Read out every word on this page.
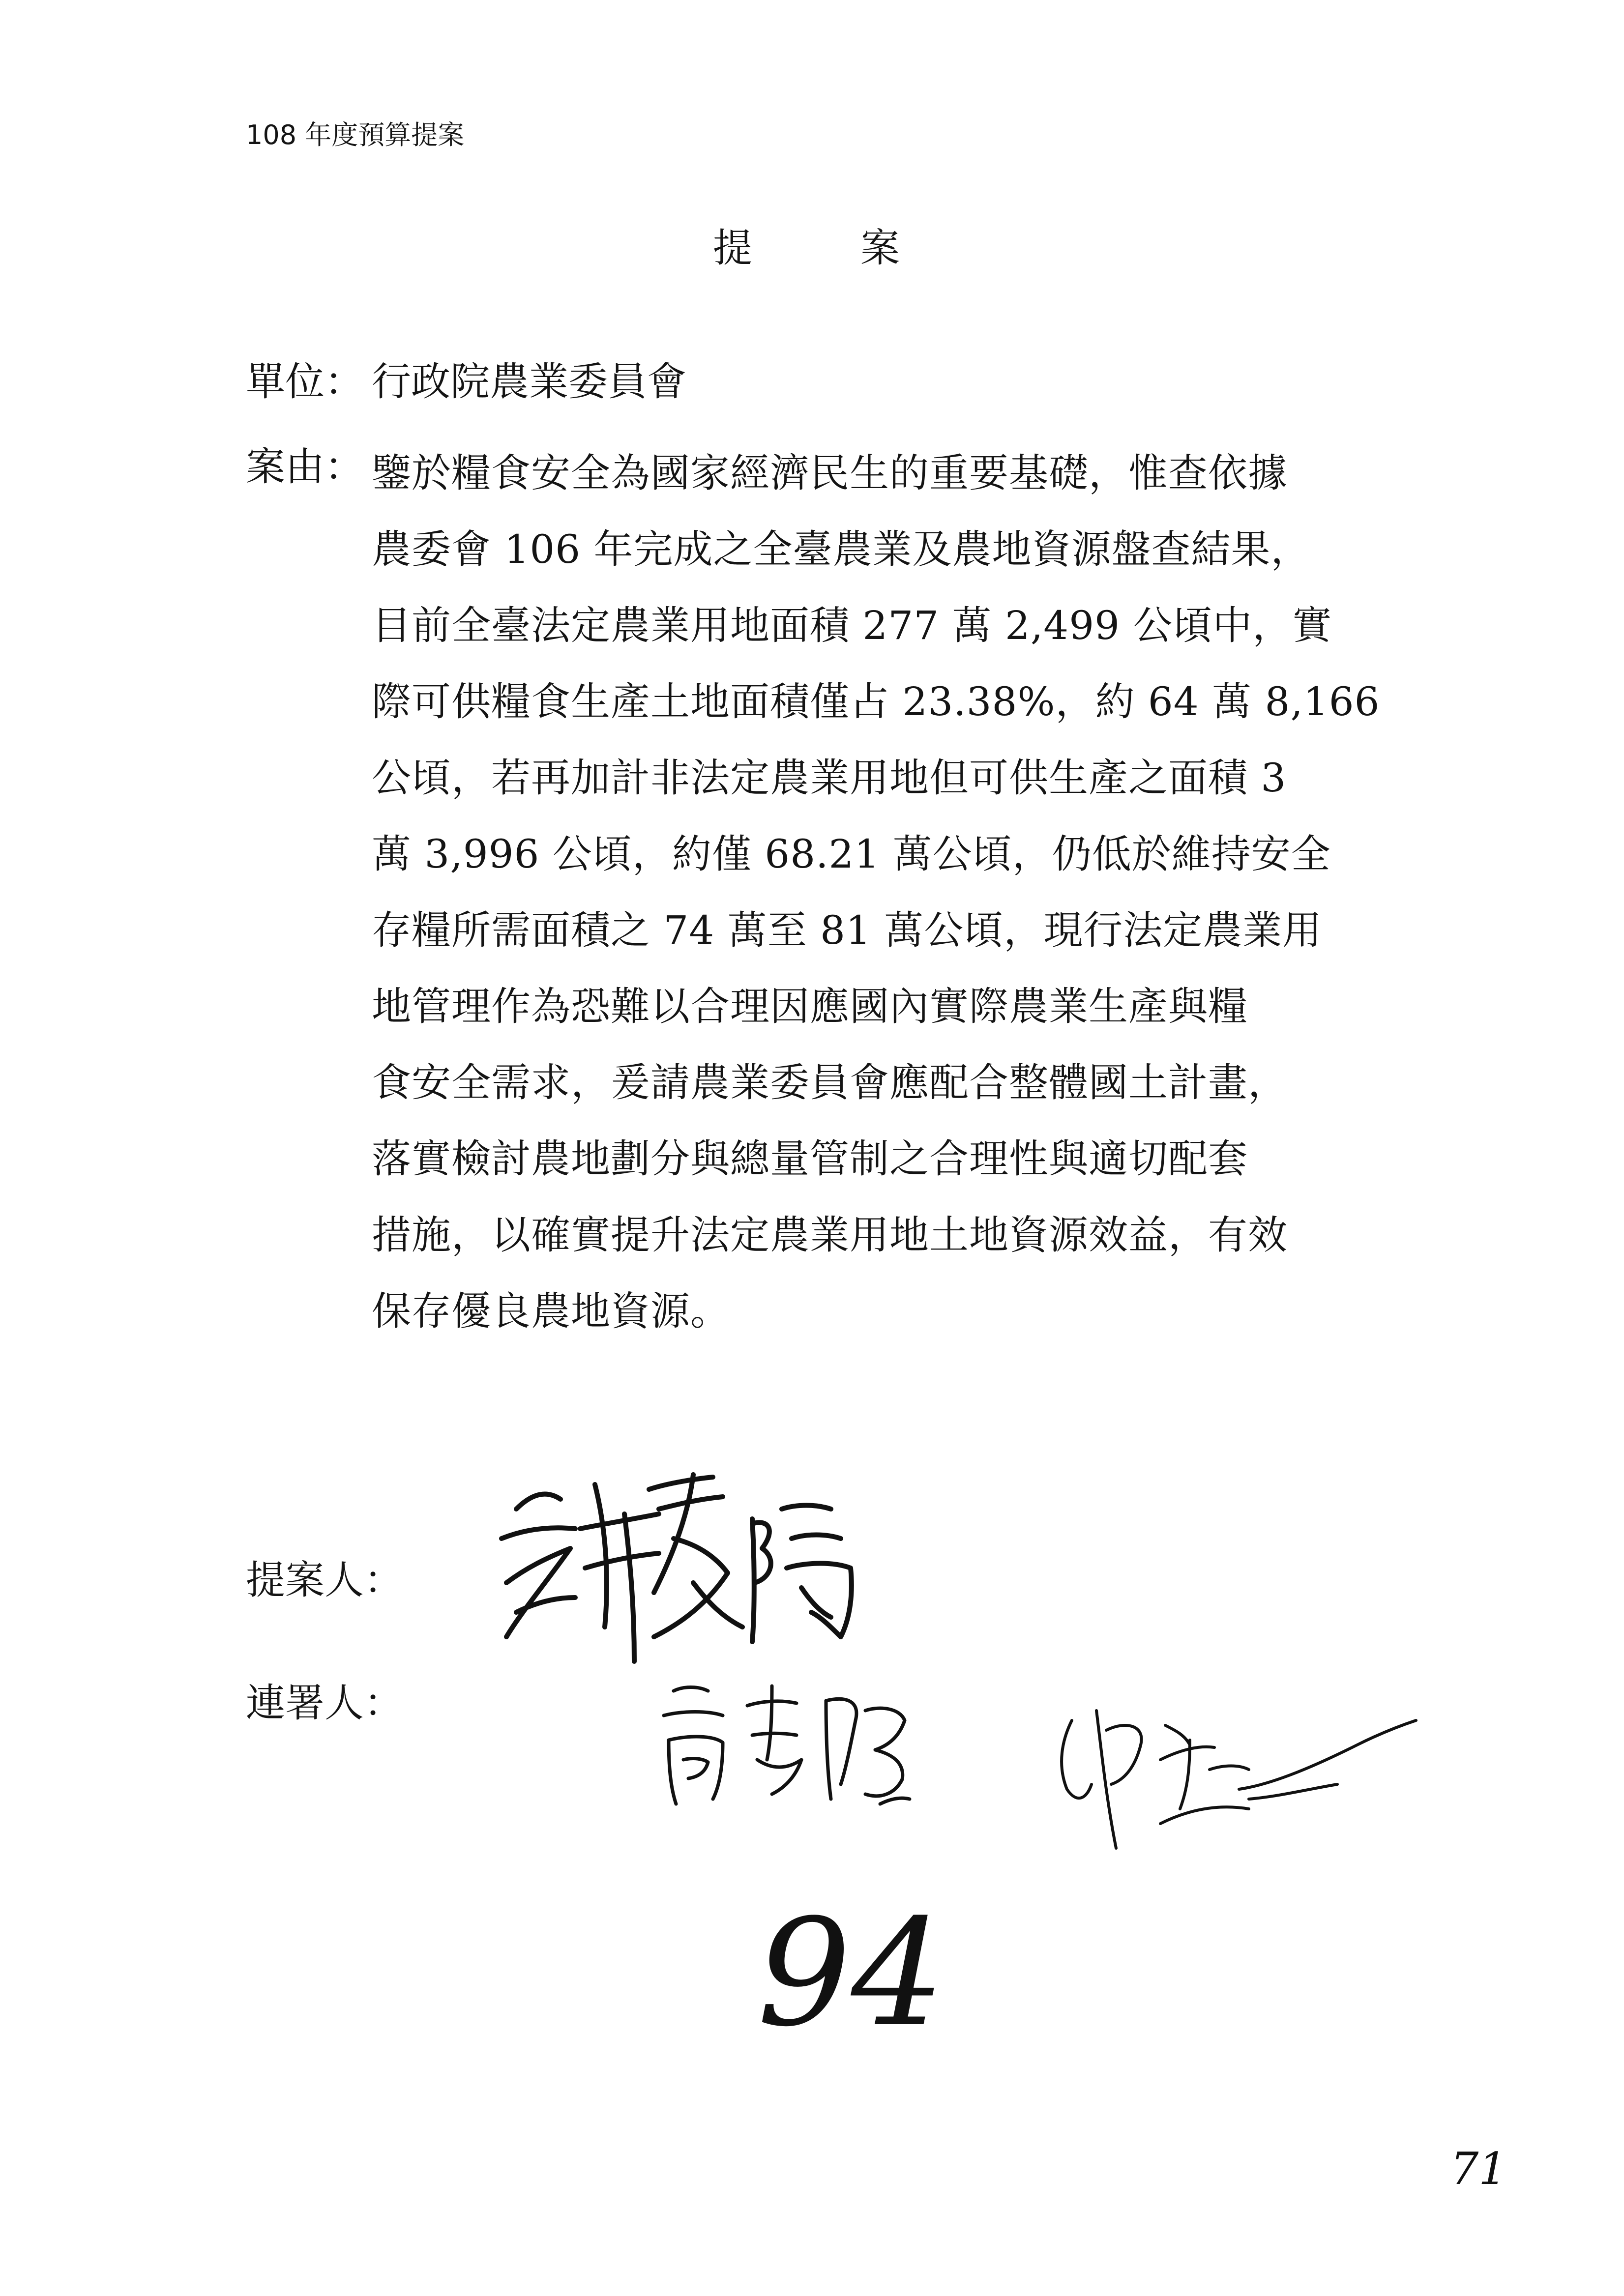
108 年度預算提案
提	案
單位： 行政院農業委員會
案由： 鑒於糧食安全為國家經濟民生的重要基礎，惟查依據
農委會 106 年完成之全臺農業及農地資源盤查結果，
目前全臺法定農業用地面積 277 萬 2,499 公頃中，實
際可供糧食生產土地面積僅占 23.38%，約 64 萬 8,166
公頃，若再加計非法定農業用地但可供生產之面積 3
萬 3,996 公頃，約僅 68.21 萬公頃，仍低於維持安全
存糧所需面積之 74 萬至 81 萬公頃，現行法定農業用
地管理作為恐難以合理因應國內實際農業生產與糧
食安全需求，爰請農業委員會應配合整體國土計畫，
落實檢討農地劃分與總量管制之合理性與適切配套
措施，以確實提升法定農業用地土地資源效益，有效
保存優良農地資源。
提案人：
連署人：
94
71
